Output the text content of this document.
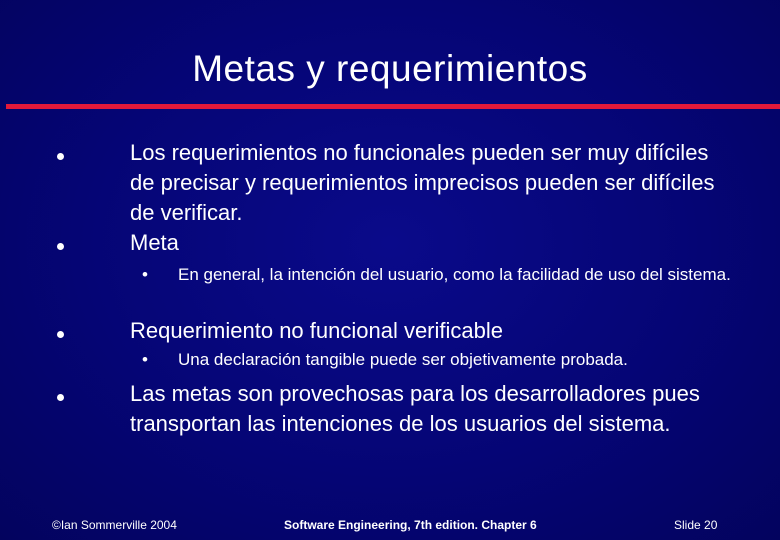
Metas y requerimientos
Los requerimientos no funcionales pueden ser muy difíciles de precisar y requerimientos imprecisos pueden ser difíciles de verificar.
Meta
• En general, la intención del usuario, como la facilidad de uso del sistema.
Requerimiento no funcional verificable
• Una declaración tangible puede ser objetivamente probada.
Las metas son provechosas para los desarrolladores pues transportan las intenciones de los usuarios del sistema.
©Ian Sommerville 2004	Software Engineering, 7th edition. Chapter 6	Slide 20
